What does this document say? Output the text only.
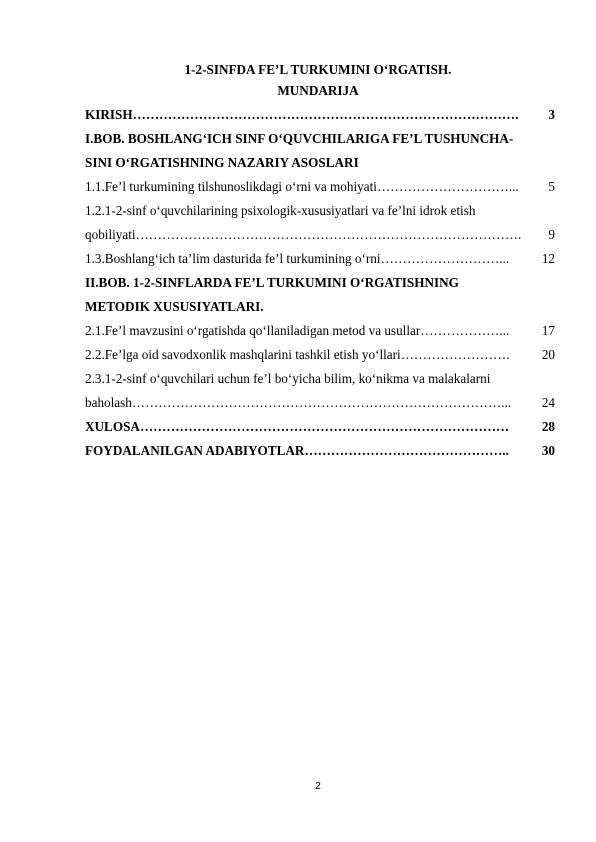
1-2-SINFDA FE’L TURKUMINI O‘RGATISH.
MUNDARIJA
KIRISH …………………………………………………………………………….	3
I.BOB. BOSHLANG‘ICH SINF O‘QUVCHILARIGA FE’L TUSHUNCHA-
SINI O‘RGATISHNING NAZARIY ASOSLARI
1.1.Fe’l turkumining tilshunoslikdagi o‘rni va mohiyati …………………………...	5
1.2.1-2-sinf o‘quvchilarining psixologik-xususiyatlari va fe’lni idrok etish
qobiliyati …………………………………………………………………………….	9
1.3.Boshlang‘ich ta’lim dasturida fe’l turkumining o‘rni ………………………...	12
II.BOB. 1-2-SINFLARDA FE’L TURKUMINI O‘RGATISHNING
METODIK XUSUSIYATLARI.
2.1.Fe’l mavzusini o‘rgatishda qo‘llaniladigan metod va usullar ………………...	17
2.2.Fe’lga oid savodxonlik mashqlarini tashkil etish yo‘llari …………………….	20
2.3.1-2-sinf o‘quvchilari uchun fe’l bo‘yicha bilim, ko‘nikma va malakalarni
baholash …………………………………………………………………………...	24
XULOSA …………………………………………………………………………	28
FOYDALANILGAN ADABIYOTLAR ………………………………………..	30
2
